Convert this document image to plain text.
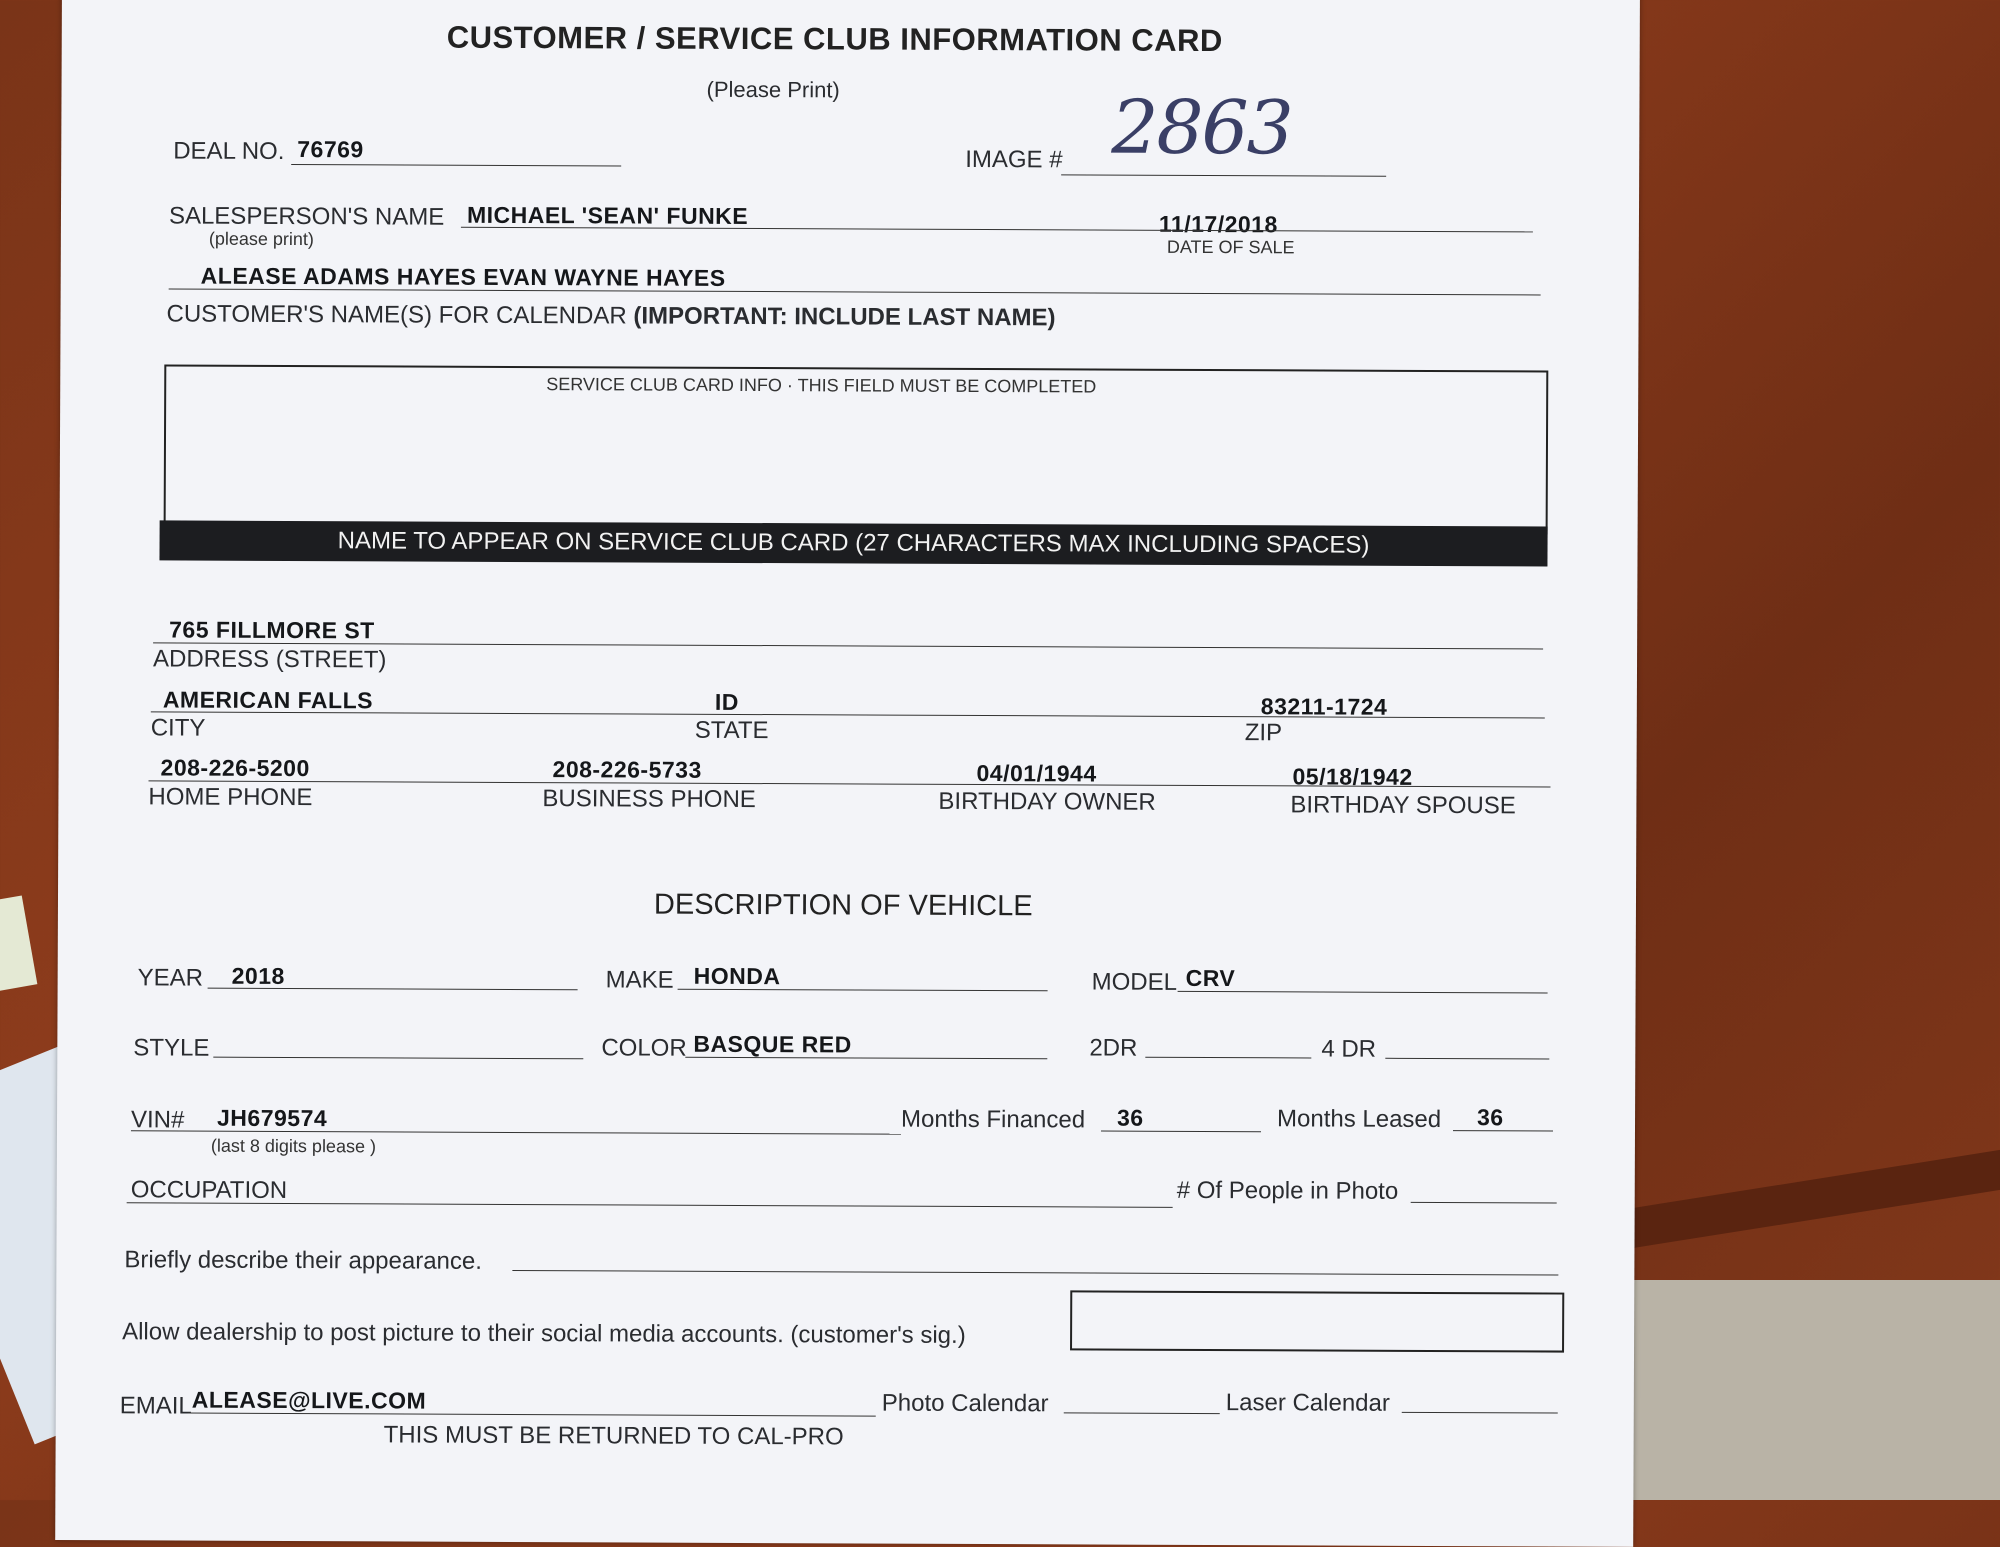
CUSTOMER / SERVICE CLUB INFORMATION CARD
(Please Print)
DEAL NO. 76769	IMAGE # 2863
SALESPERSON'S NAME
(please print)
MICHAEL 'SEAN' FUNKE	11/17/2018
DATE OF SALE
ALEASE ADAMS HAYES EVAN WAYNE HAYES
CUSTOMER'S NAME(S) FOR CALENDAR (IMPORTANT: INCLUDE LAST NAME)
SERVICE CLUB CARD INFO · THIS FIELD MUST BE COMPLETED
NAME TO APPEAR ON SERVICE CLUB CARD (27 CHARACTERS MAX INCLUDING SPACES)
765 FILLMORE ST
ADDRESS (STREET)
AMERICAN FALLS	ID	83211-1724
CITY	STATE	ZIP
208-226-5200	208-226-5733	04/01/1944	05/18/1942
HOME PHONE	BUSINESS PHONE	BIRTHDAY OWNER	BIRTHDAY SPOUSE
DESCRIPTION OF VEHICLE
YEAR 2018	MAKE HONDA	MODEL CRV
STYLE	COLOR BASQUE RED	2DR	4 DR
VIN# JH679574
(last 8 digits please )
Months Financed 36	Months Leased 36
OCCUPATION	# Of People in Photo
Briefly describe their appearance.
Allow dealership to post picture to their social media accounts. (customer's sig.)
EMAIL ALEASE@LIVE.COM	Photo Calendar	Laser Calendar
THIS MUST BE RETURNED TO CAL-PRO
